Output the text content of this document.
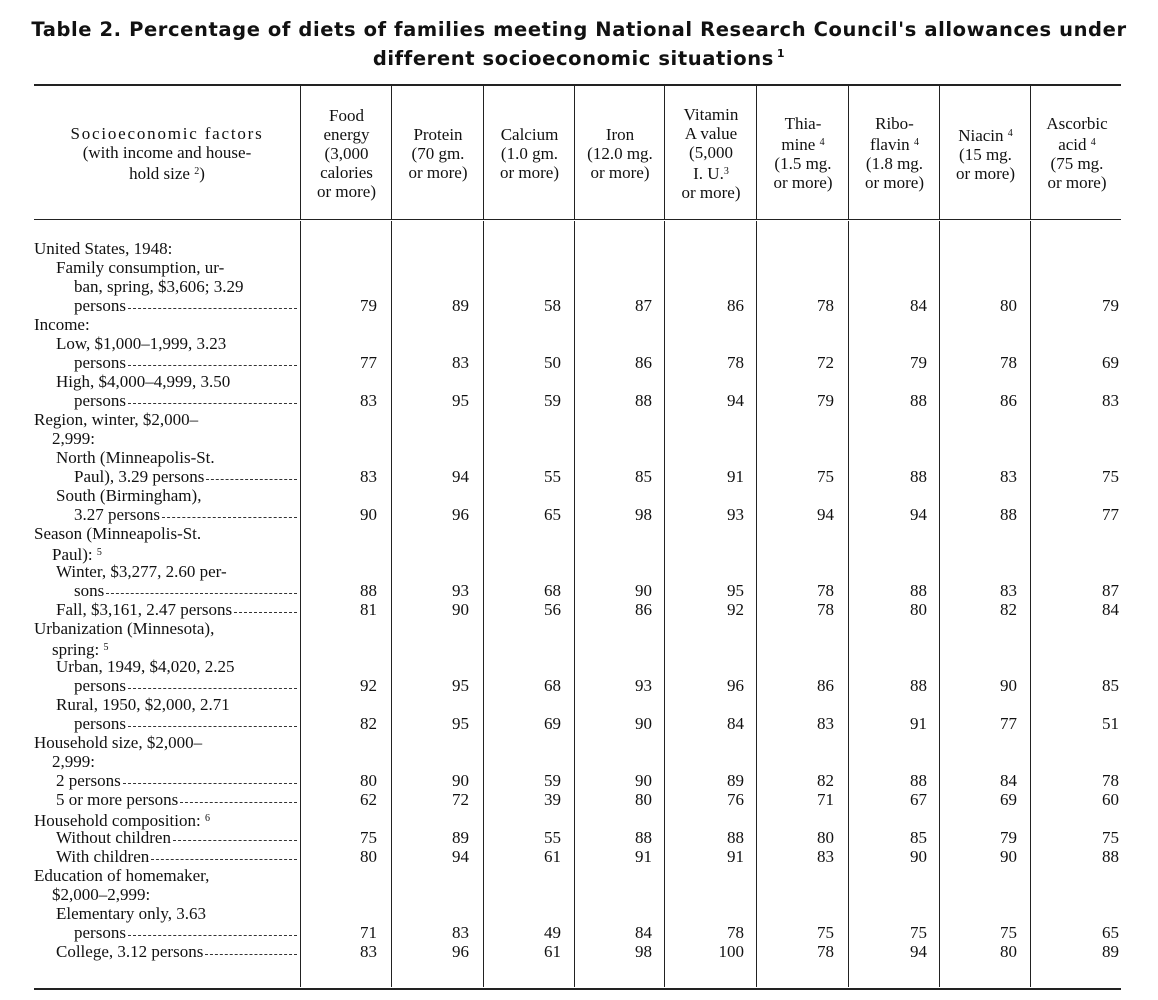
Table 2. Percentage of diets of families meeting National Research Council's allowances under
different socioeconomic situations $^1$
Socioeconomic factors
(with income and house-
hold size $^2$)
Food
energy
(3,000
calories
or more)
Protein
(70 gm.
or more)
Calcium
(1.0 gm.
or more)
Iron
(12.0 mg.
or more)
Vitamin
A value
(5,000
I. U.$^3$
or more)
Thia-
mine $^4$
(1.5 mg.
or more)
Ribo-
flavin $^4$
(1.8 mg.
or more)
Niacin $^4$
(15 mg.
or more)
Ascorbic
acid $^4$
(75 mg.
or more)
United States, 1948:
Family consumption, ur-
ban, spring, $3,606; 3.29
persons	79	89	58	87	86	78	84	80	79
Income:
Low, $1,000–1,999, 3.23
persons	77	83	50	86	78	72	79	78	69
High, $4,000–4,999, 3.50
persons	83	95	59	88	94	79	88	86	83
Region, winter, $2,000–
2,999:
North (Minneapolis-St.
Paul), 3.29 persons	83	94	55	85	91	75	88	83	75
South (Birmingham),
3.27 persons	90	96	65	98	93	94	94	88	77
Season (Minneapolis-St.
Paul): $^5$
Winter, $3,277, 2.60 per-
sons	88	93	68	90	95	78	88	83	87
Fall, $3,161, 2.47 persons	81	90	56	86	92	78	80	82	84
Urbanization (Minnesota),
spring: $^5$
Urban, 1949, $4,020, 2.25
persons	92	95	68	93	96	86	88	90	85
Rural, 1950, $2,000, 2.71
persons	82	95	69	90	84	83	91	77	51
Household size, $2,000–
2,999:
2 persons	80	90	59	90	89	82	88	84	78
5 or more persons	62	72	39	80	76	71	67	69	60
Household composition: $^6$
Without children	75	89	55	88	88	80	85	79	75
With children	80	94	61	91	91	83	90	90	88
Education of homemaker,
$2,000–2,999:
Elementary only, 3.63
persons	71	83	49	84	78	75	75	75	65
College, 3.12 persons	83	96	61	98	100	78	94	80	89
